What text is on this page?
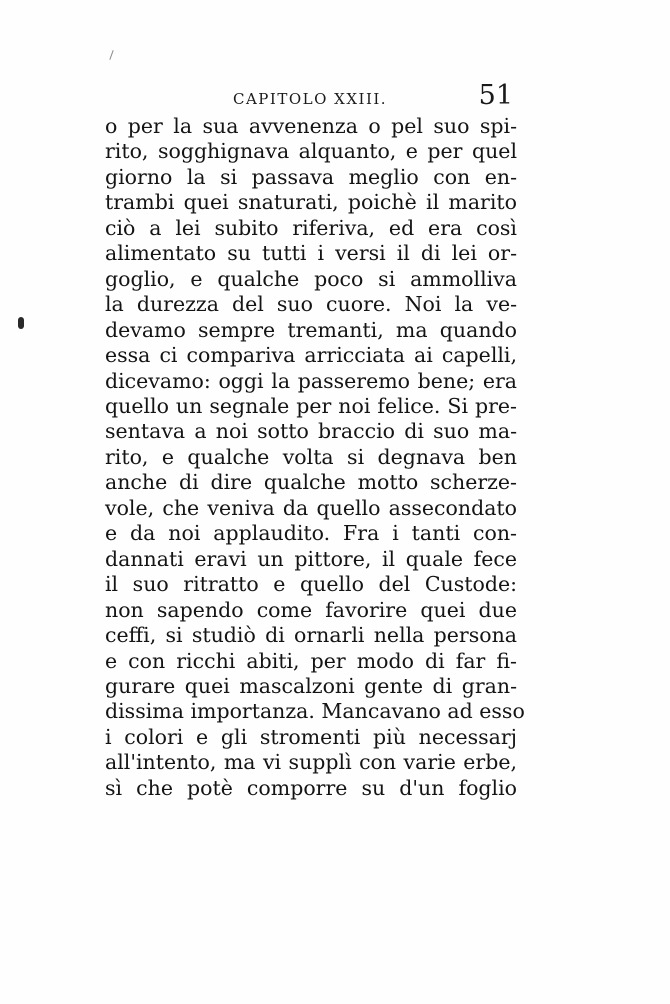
CAPITOLO XXIII.	51
o per la sua avvenenza o pel suo spi-
rito, sogghignava alquanto, e per quel
giorno la si passava meglio con en-
trambi quei snaturati, poichè il marito
ciò a lei subito riferiva, ed era così
alimentato su tutti i versi il di lei or-
goglio, e qualche poco si ammolliva
la durezza del suo cuore. Noi la ve-
devamo sempre tremanti, ma quando
essa ci compariva arricciata ai capelli,
dicevamo: oggi la passeremo bene; era
quello un segnale per noi felice. Si pre-
sentava a noi sotto braccio di suo ma-
rito, e qualche volta si degnava ben
anche di dire qualche motto scherze-
vole, che veniva da quello assecondato
e da noi applaudito. Fra i tanti con-
dannati eravi un pittore, il quale fece
il suo ritratto e quello del Custode:
non sapendo come favorire quei due
ceffi, si studiò di ornarli nella persona
e con ricchi abiti, per modo di far fi-
gurare quei mascalzoni gente di gran-
dissima importanza. Mancavano ad esso
i colori e gli stromenti più necessarj
all'intento, ma vi supplì con varie erbe,
sì che potè comporre su d'un foglio
